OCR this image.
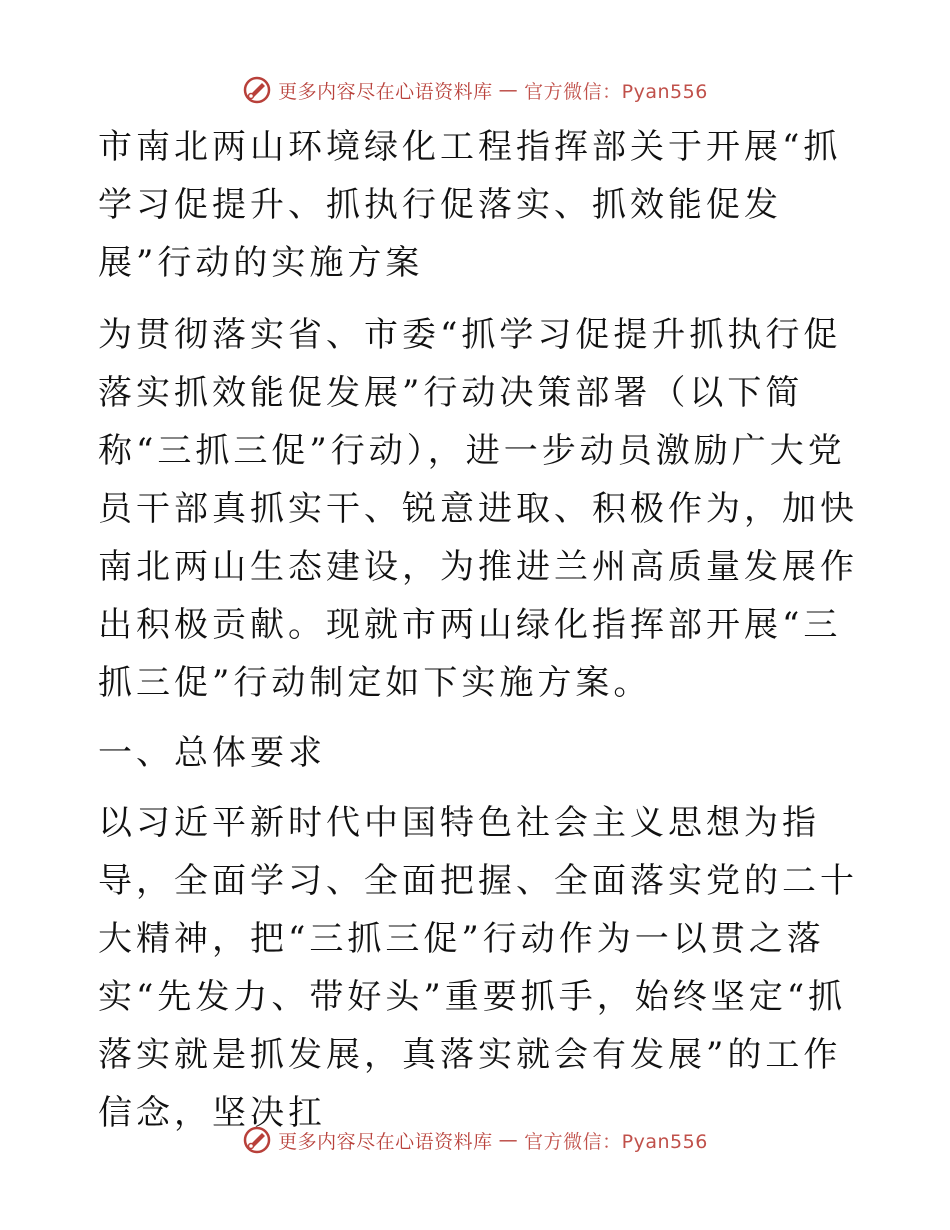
更多内容尽在心语资料库 — 官方微信：Pyan556

市南北两山环境绿化工程指挥部关于开展“抓学习促提升、抓执行促落实、抓效能促发展”行动的实施方案

为贯彻落实省、市委“抓学习促提升抓执行促落实抓效能促发展”行动决策部署（以下简称“三抓三促”行动），进一步动员激励广大党员干部真抓实干、锐意进取、积极作为，加快南北两山生态建设，为推进兰州高质量发展作出积极贡献。现就市两山绿化指挥部开展“三抓三促”行动制定如下实施方案。

一、总体要求

以习近平新时代中国特色社会主义思想为指导，全面学习、全面把握、全面落实党的二十大精神，把“三抓三促”行动作为一以贯之落实“先发力、带好头”重要抓手，始终坚定“抓落实就是抓发展，真落实就会有发展”的工作信念，坚决扛

更多内容尽在心语资料库 — 官方微信：Pyan556
